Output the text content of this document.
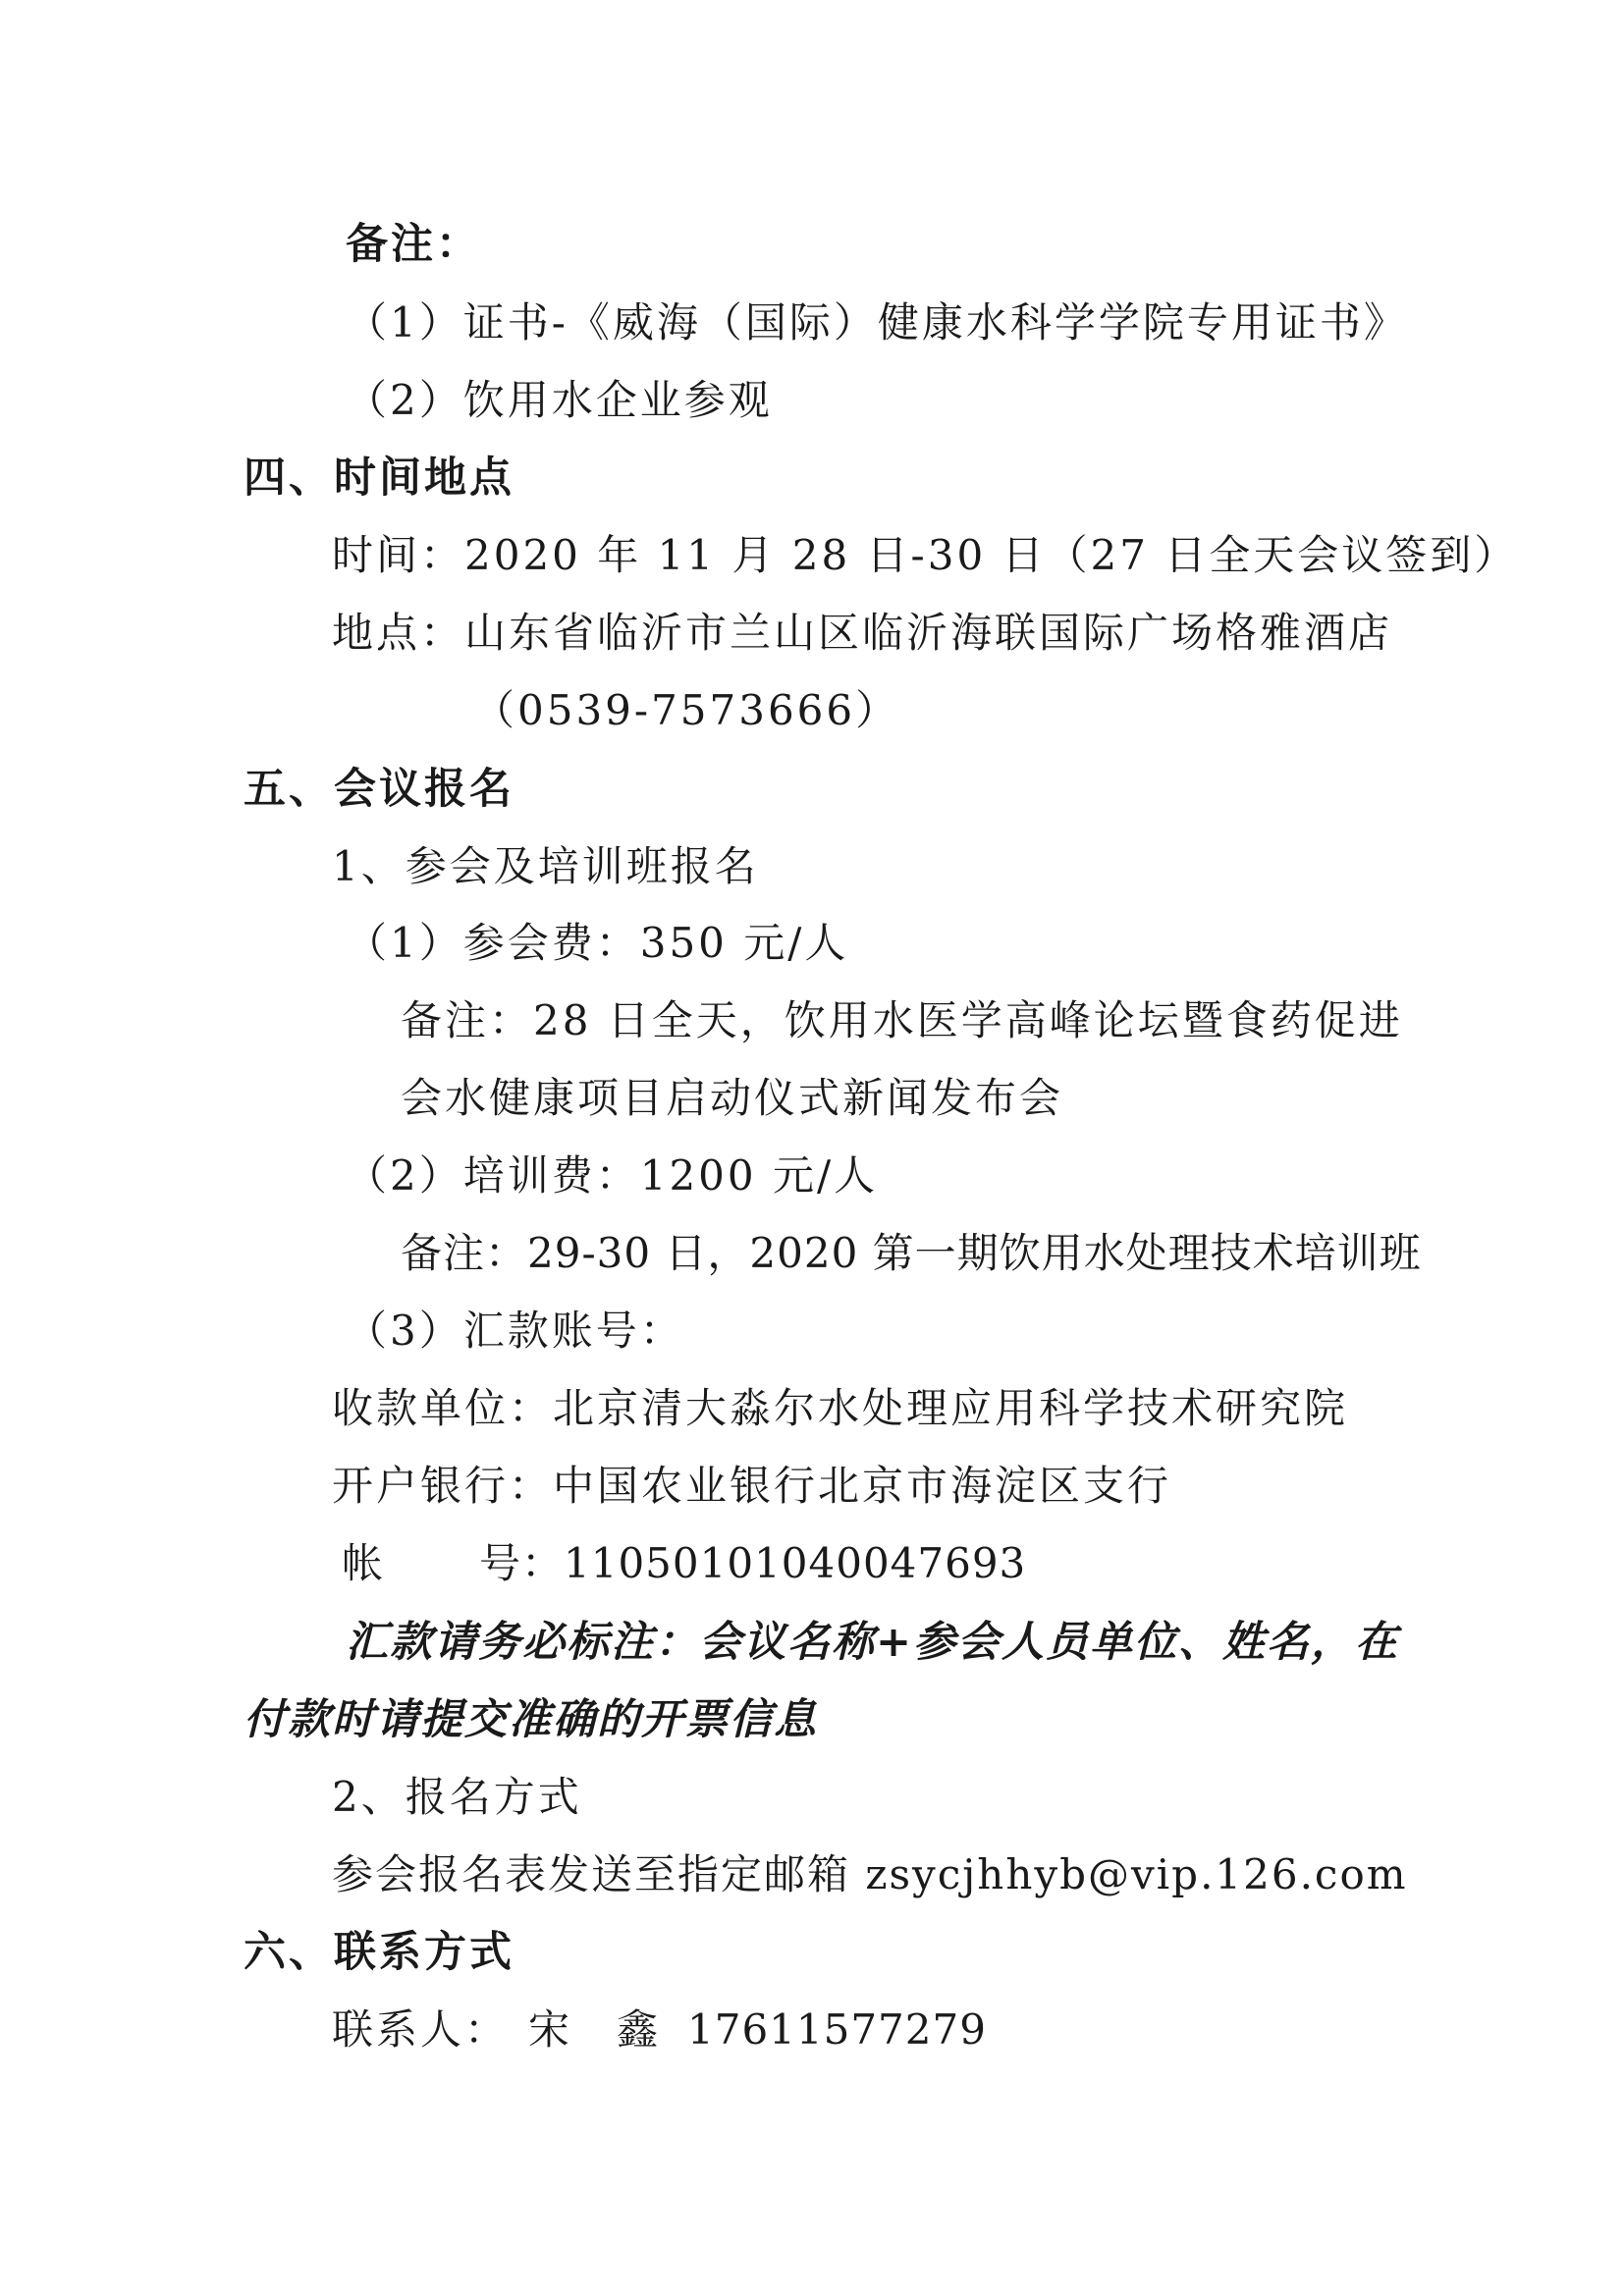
备注：
（1）证书-《威海（国际）健康水科学学院专用证书》
（2）饮用水企业参观
四、时间地点
时间：2020 年 11 月 28 日-30 日（27 日全天会议签到）
地点：山东省临沂市兰山区临沂海联国际广场格雅酒店
（0539-7573666）
五、会议报名
1、参会及培训班报名
（1）参会费：350 元/人
备注：28 日全天，饮用水医学高峰论坛暨食药促进
会水健康项目启动仪式新闻发布会
（2）培训费：1200 元/人
备注：29-30 日，2020 第一期饮用水处理技术培训班
（3）汇款账号：
收款单位：北京清大淼尔水处理应用科学技术研究院
开户银行：中国农业银行北京市海淀区支行
帐 号：11050101040047693
汇款请务必标注：会议名称+参会人员单位、姓名，在
付款时请提交准确的开票信息
2、报名方式
参会报名表发送至指定邮箱 zsycjhhyb@vip.126.com
六、联系方式
联系人： 宋 鑫 17611577279
